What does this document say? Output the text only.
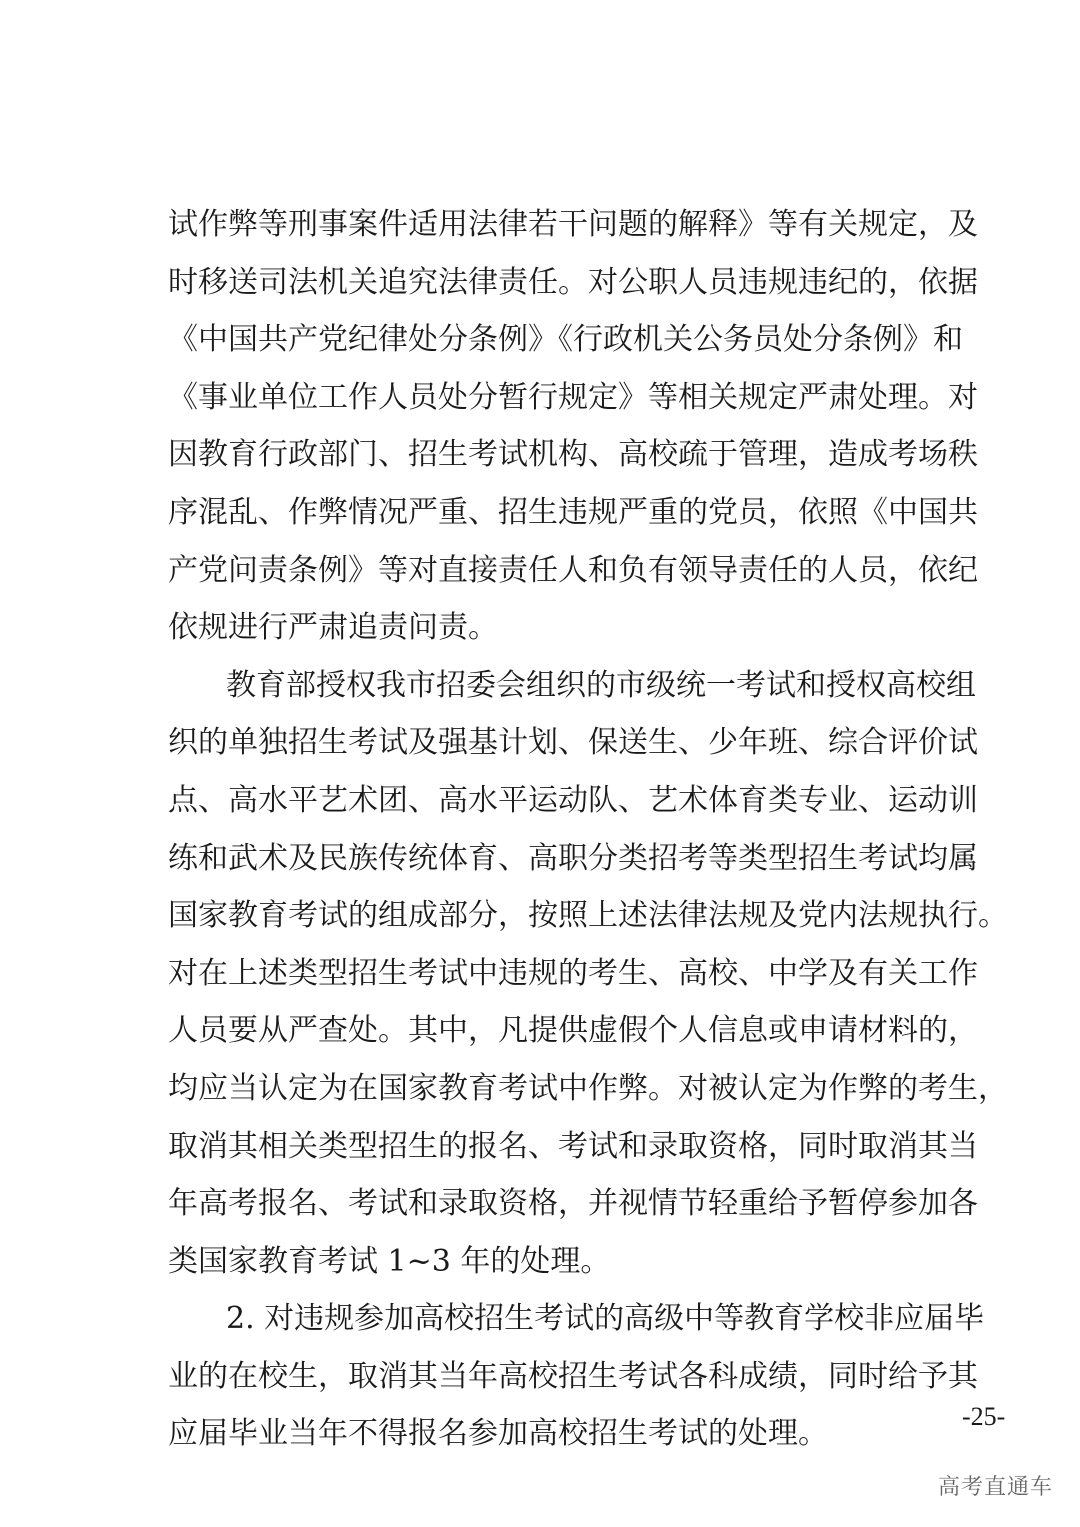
试作弊等刑事案件适用法律若干问题的解释》等有关规定，及
时移送司法机关追究法律责任。对公职人员违规违纪的，依据
《中国共产党纪律处分条例》《行政机关公务员处分条例》和
《事业单位工作人员处分暂行规定》等相关规定严肃处理。对
因教育行政部门、招生考试机构、高校疏于管理，造成考场秩
序混乱、作弊情况严重、招生违规严重的党员，依照《中国共
产党问责条例》等对直接责任人和负有领导责任的人员，依纪
依规进行严肃追责问责。
教育部授权我市招委会组织的市级统一考试和授权高校组
织的单独招生考试及强基计划、保送生、少年班、综合评价试
点、高水平艺术团、高水平运动队、艺术体育类专业、运动训
练和武术及民族传统体育、高职分类招考等类型招生考试均属
国家教育考试的组成部分，按照上述法律法规及党内法规执行。
对在上述类型招生考试中违规的考生、高校、中学及有关工作
人员要从严查处。其中，凡提供虚假个人信息或申请材料的，
均应当认定为在国家教育考试中作弊。对被认定为作弊的考生，
取消其相关类型招生的报名、考试和录取资格，同时取消其当
年高考报名、考试和录取资格，并视情节轻重给予暂停参加各
类国家教育考试 1~3 年的处理。
2. 对违规参加高校招生考试的高级中等教育学校非应届毕
业的在校生，取消其当年高校招生考试各科成绩，同时给予其
应届毕业当年不得报名参加高校招生考试的处理。	-25-
高考直通车
